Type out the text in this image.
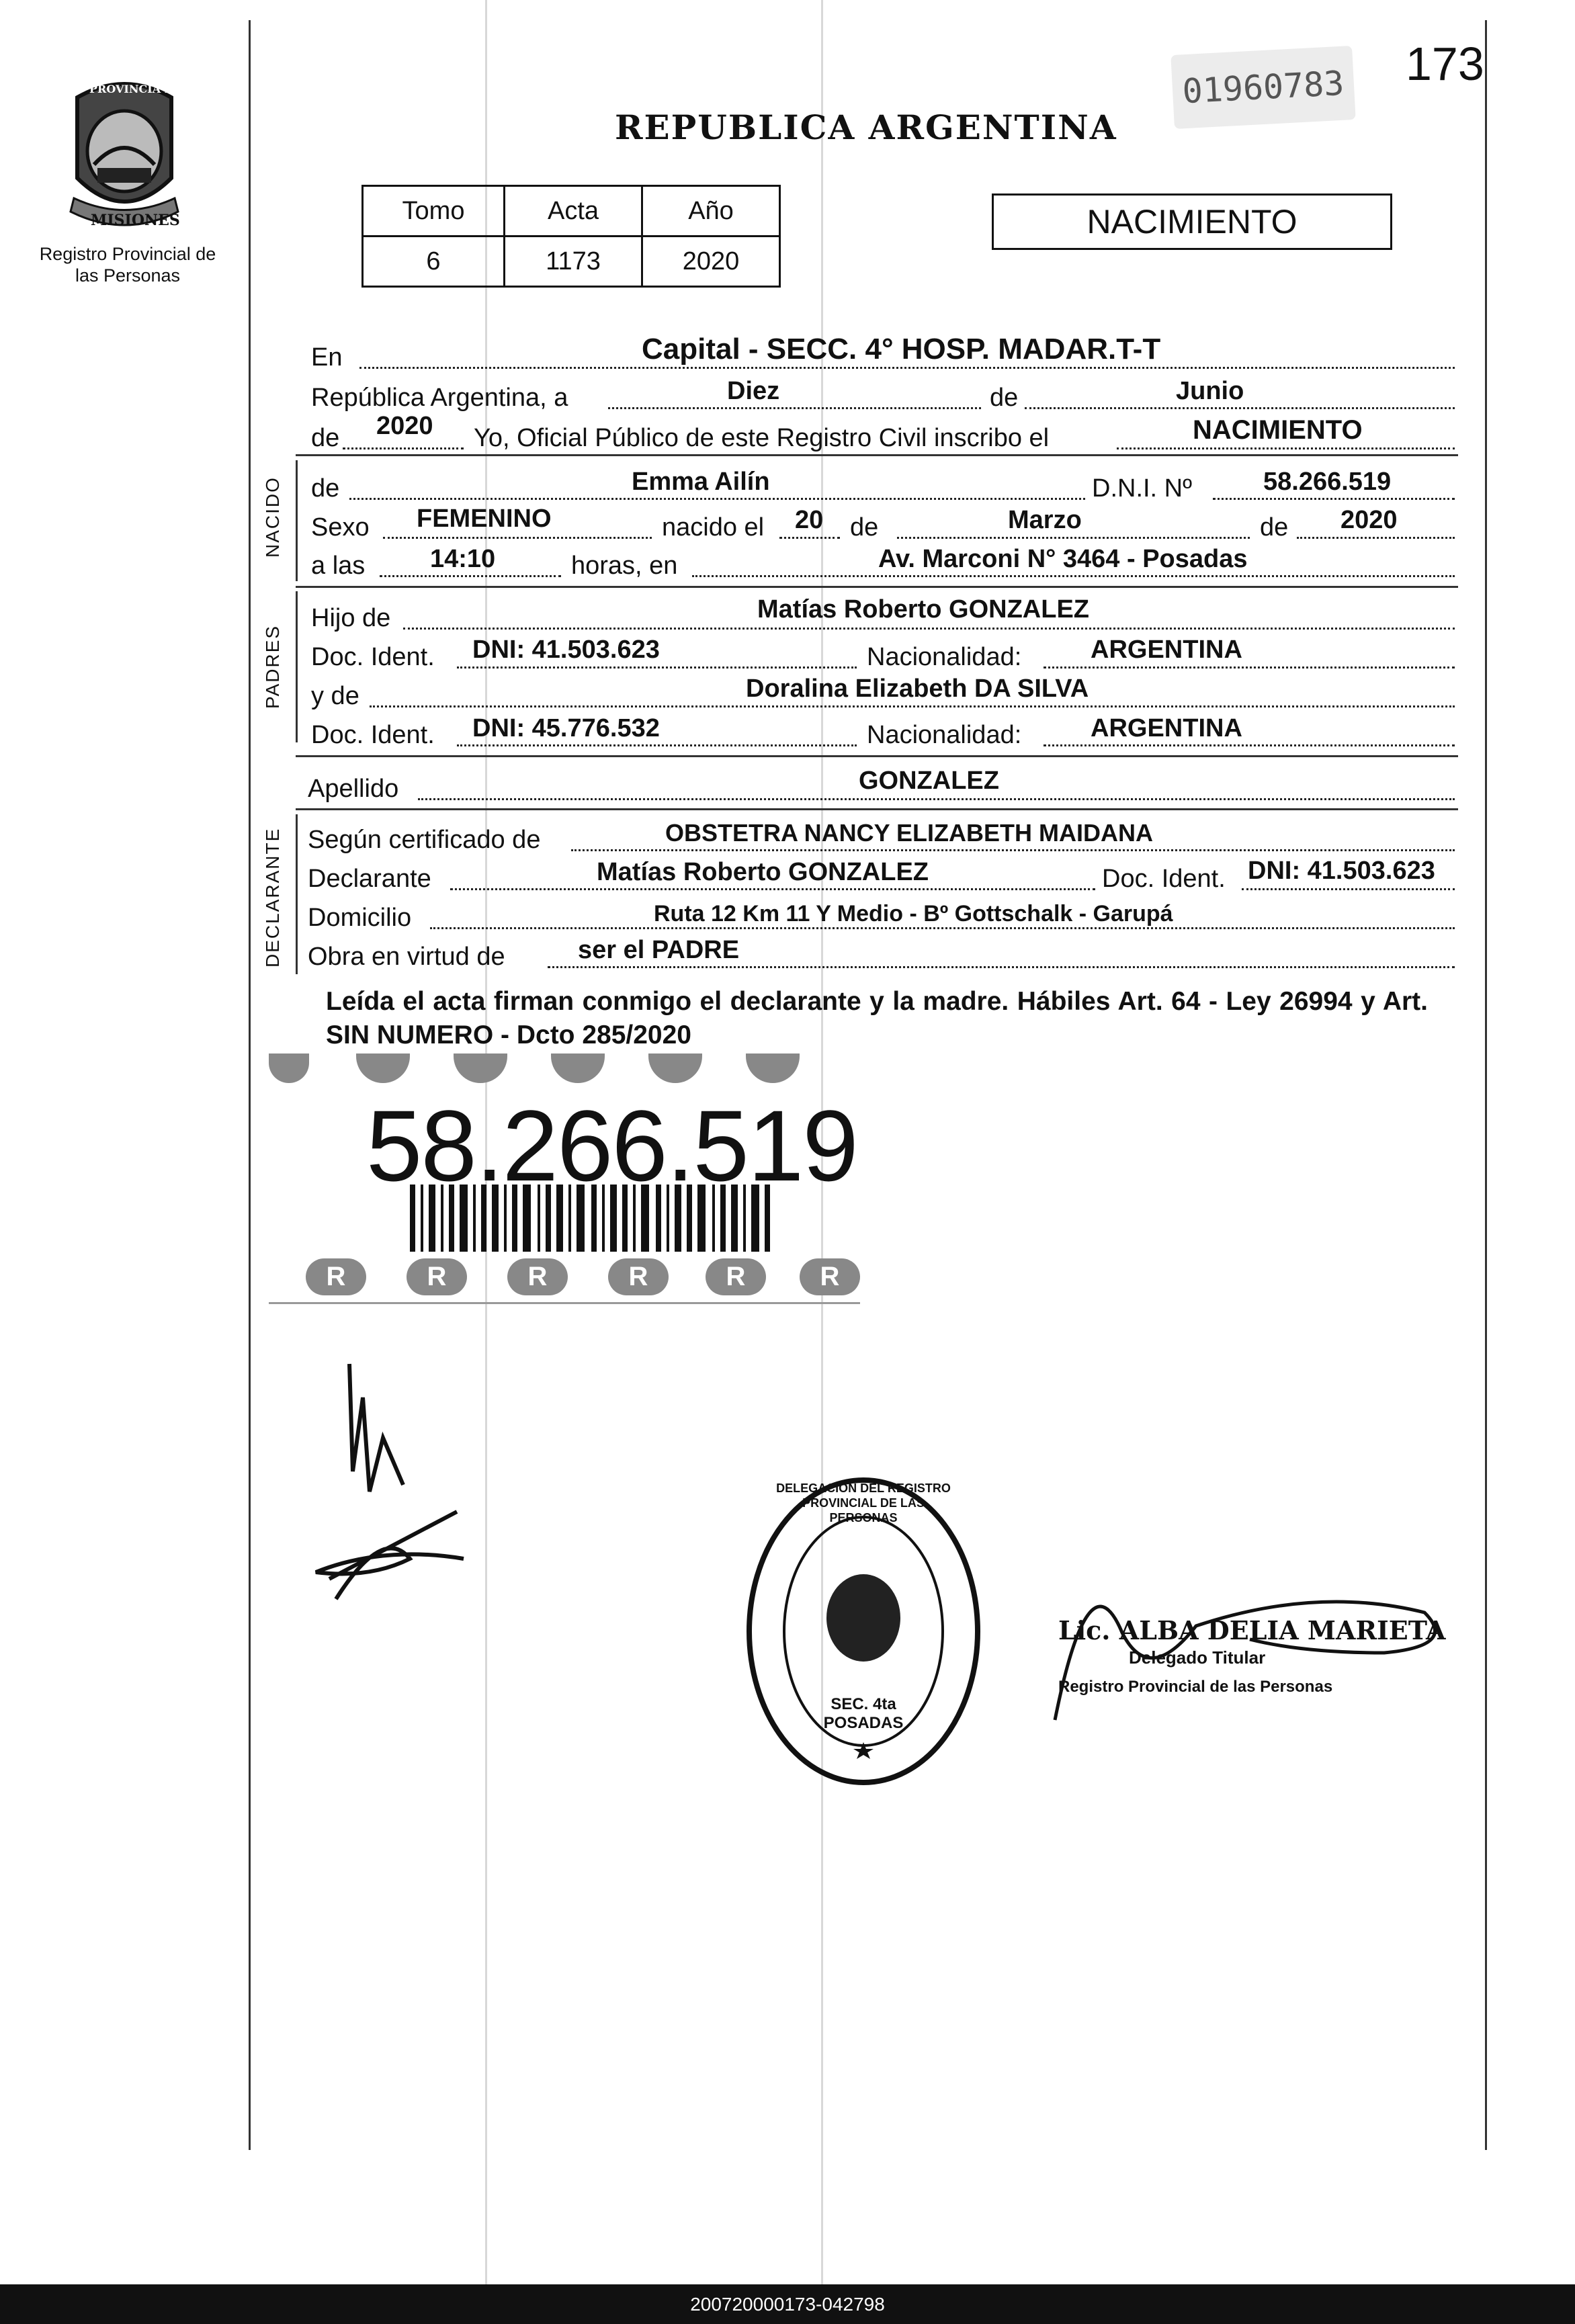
PROVINCIA DE
MISIONES
Registro Provincial de las Personas
REPUBLICA ARGENTINA
01960783 173
Tomo	Acta	Año
6	1173	2020
NACIMIENTO
En	Capital - SECC. 4° HOSP. MADAR.T-T
República Argentina, a	Diez	de	Junio
de 2020 Yo, Oficial Público de este Registro Civil inscribo el	NACIMIENTO
NACIDO de	Emma Ailín	D.N.I. Nº	58.266.519
Sexo FEMENINO	nacido el 20 de	Marzo	de 2020
a las	14:10	horas, en	Av. Marconi N° 3464 - Posadas
PADRES
Hijo de	Matías Roberto GONZALEZ
Doc. Ident. DNI: 41.503.623	Nacionalidad:	ARGENTINA
y de	Doralina Elizabeth DA SILVA
Doc. Ident. DNI: 45.776.532	Nacionalidad:	ARGENTINA
Apellido	GONZALEZ
DECLARANTE Según certificado de	OBSTETRA NANCY ELIZABETH MAIDANA
Declarante	Matías Roberto GONZALEZ	Doc. Ident. DNI: 41.503.623
Domicilio	Ruta 12 Km 11 Y Medio - Bº Gottschalk - Garupá
Obra en virtud de	ser el PADRE
Leída el acta firman conmigo el declarante y la madre. Hábiles Art. 64 - Ley 26994 y Art. SIN NUMERO - Dcto 285/2020
R	R	R	R	R	R
58.266.519
DELEGACION DEL REGISTRO PROVINCIAL DE LAS PERSONAS
SEC. 4ta POSADAS
Lic. ALBA DELIA MARIETA
Delegado Titular
Registro Provincial de las Personas
200720000173-042798
